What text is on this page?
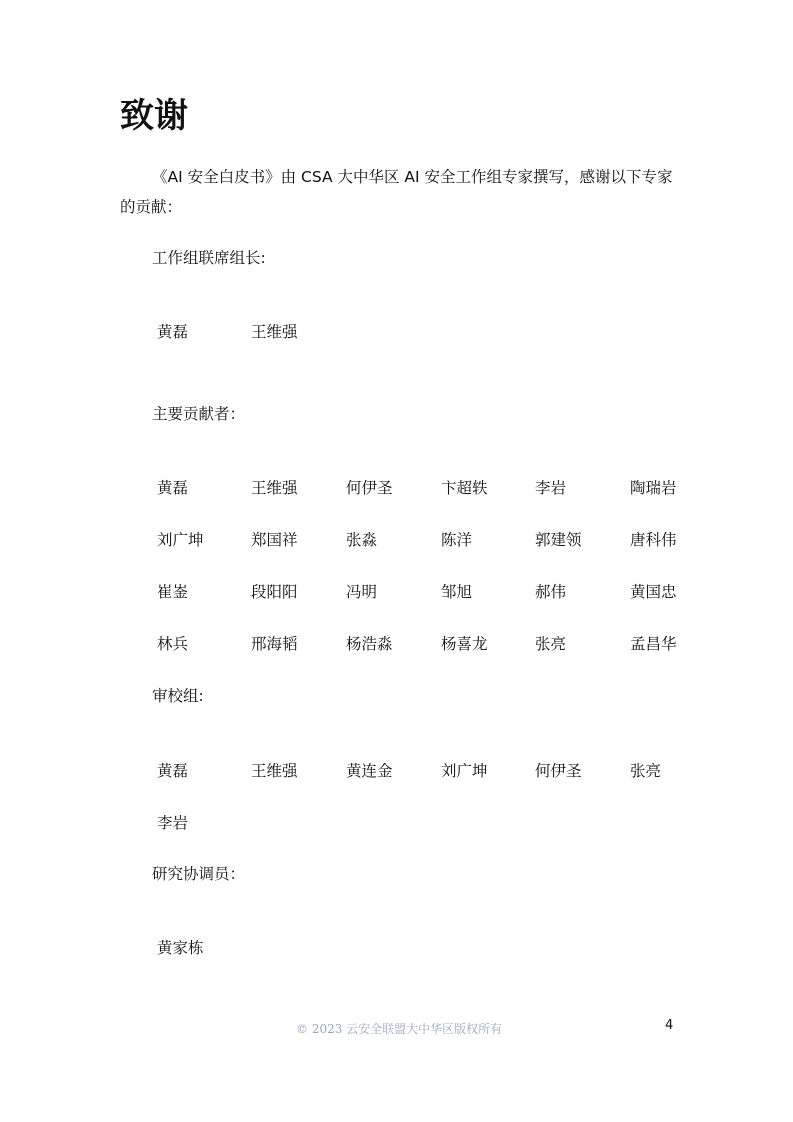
致谢

《AI 安全白皮书》由 CSA 大中华区 AI 安全工作组专家撰写，感谢以下专家的贡献：

工作组联席组长:
黄磊	王维强
主要贡献者：
黄磊	王维强	何伊圣	卞超轶	李岩	陶瑞岩
刘广坤	郑国祥	张淼	陈洋	郭建领	唐科伟
崔崟	段阳阳	冯明	邹旭	郝伟	黄国忠
林兵	邢海韬	杨浩淼	杨喜龙	张亮	孟昌华
审校组:
黄磊	王维强	黄连金	刘广坤	何伊圣	张亮
李岩
研究协调员：
黄家栋
© 2023 云安全联盟大中华区版权所有	4
